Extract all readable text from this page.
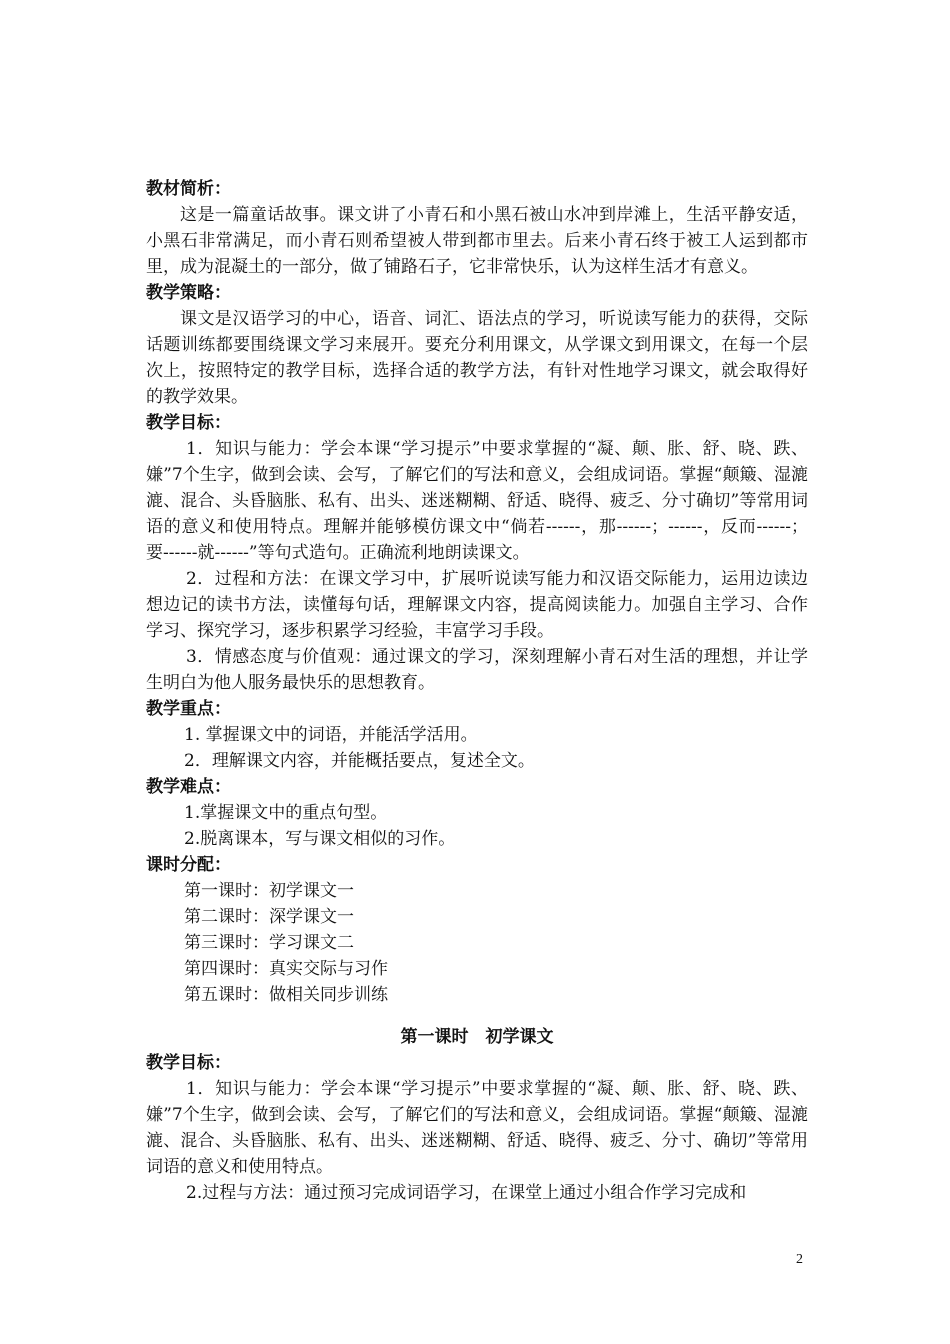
教材简析：

这是一篇童话故事。课文讲了小青石和小黑石被山水冲到岸滩上，生活平静安适，小黑石非常满足，而小青石则希望被人带到都市里去。后来小青石终于被工人运到都市里，成为混凝土的一部分，做了铺路石子，它非常快乐，认为这样生活才有意义。

教学策略：

课文是汉语学习的中心，语音、词汇、语法点的学习，听说读写能力的获得，交际话题训练都要围绕课文学习来展开。要充分利用课文，从学课文到用课文，在每一个层次上，按照特定的教学目标，选择合适的教学方法，有针对性地学习课文，就会取得好的教学效果。

教学目标：

1．知识与能力：学会本课“学习提示”中要求掌握的“凝、颠、胀、舒、晓、跌、嫌”7个生字，做到会读、会写，了解它们的写法和意义，会组成词语。掌握“颠簸、湿漉漉、混合、头昏脑胀、私有、出头、迷迷糊糊、舒适、晓得、疲乏、分寸确切”等常用词语的意义和使用特点。理解并能够模仿课文中“倘若------，那------；------，反而------；要------就------”等句式造句。正确流利地朗读课文。

2．过程和方法：在课文学习中，扩展听说读写能力和汉语交际能力，运用边读边想边记的读书方法，读懂每句话，理解课文内容，提高阅读能力。加强自主学习、合作学习、探究学习，逐步积累学习经验，丰富学习手段。

3．情感态度与价值观：通过课文的学习，深刻理解小青石对生活的理想，并让学生明白为他人服务最快乐的思想教育。

教学重点：

1. 掌握课文中的词语，并能活学活用。

2．理解课文内容，并能概括要点，复述全文。

教学难点：

1.掌握课文中的重点句型。

2.脱离课本，写与课文相似的习作。

课时分配：

第一课时：初学课文一

第二课时：深学课文一

第三课时：学习课文二

第四课时：真实交际与习作

第五课时：做相关同步训练

第一课时　初学课文

教学目标：

1．知识与能力：学会本课“学习提示”中要求掌握的“凝、颠、胀、舒、晓、跌、嫌”7个生字，做到会读、会写，了解它们的写法和意义，会组成词语。掌握“颠簸、湿漉漉、混合、头昏脑胀、私有、出头、迷迷糊糊、舒适、晓得、疲乏、分寸、确切”等常用词语的意义和使用特点。

2.过程与方法：通过预习完成词语学习，在课堂上通过小组合作学习完成和

2
